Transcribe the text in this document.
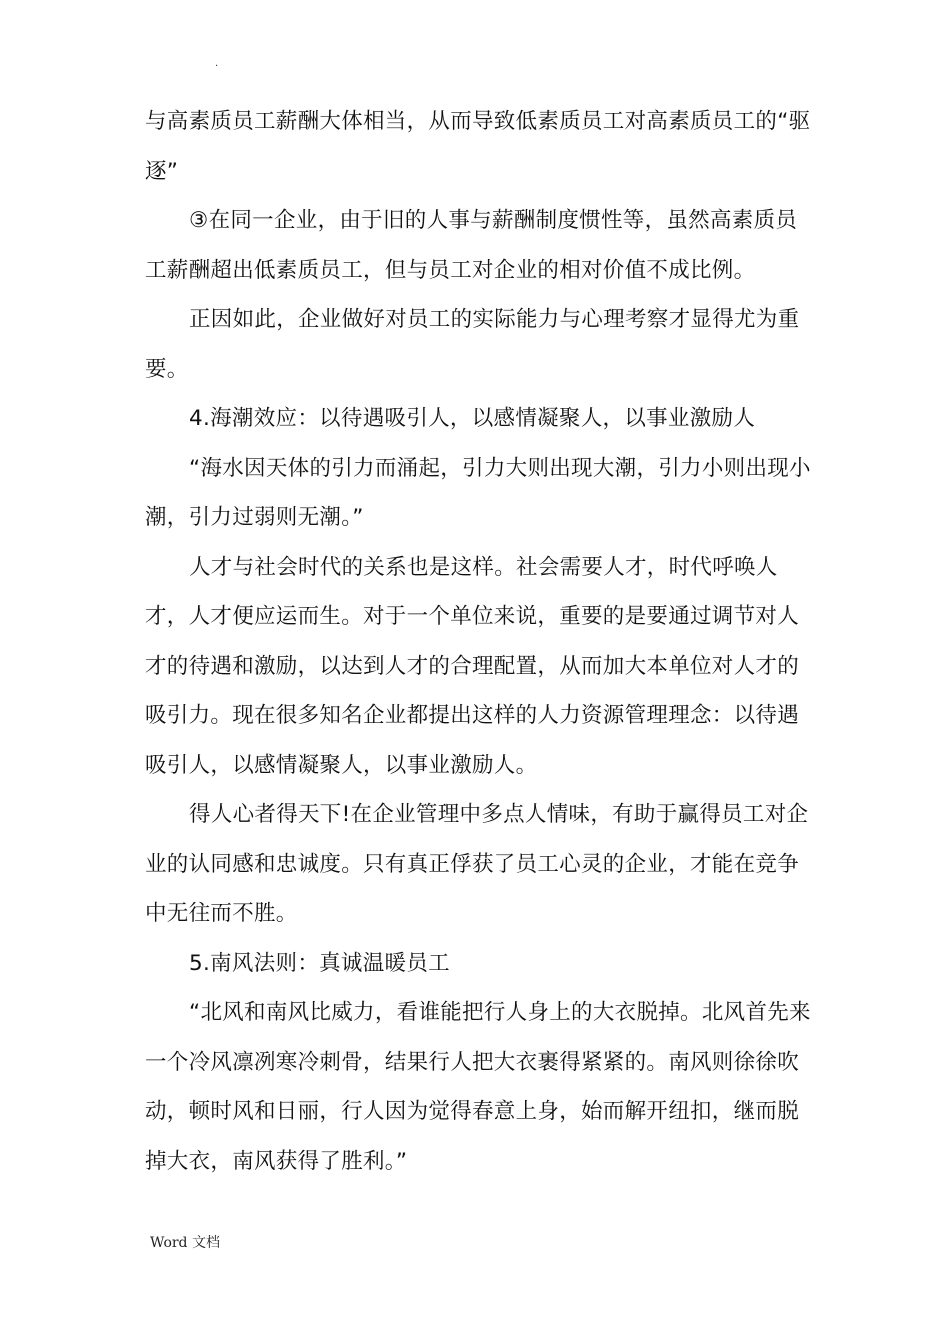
.

与高素质员工薪酬大体相当，从而导致低素质员工对高素质员工的“驱逐”

③在同一企业，由于旧的人事与薪酬制度惯性等，虽然高素质员工薪酬超出低素质员工，但与员工对企业的相对价值不成比例。

正因如此，企业做好对员工的实际能力与心理考察才显得尤为重要。

4.海潮效应：以待遇吸引人，以感情凝聚人，以事业激励人

“海水因天体的引力而涌起，引力大则出现大潮，引力小则出现小潮，引力过弱则无潮。”

人才与社会时代的关系也是这样。社会需要人才，时代呼唤人才，人才便应运而生。对于一个单位来说，重要的是要通过调节对人才的待遇和激励，以达到人才的合理配置，从而加大本单位对人才的吸引力。现在很多知名企业都提出这样的人力资源管理理念：以待遇吸引人，以感情凝聚人，以事业激励人。

得人心者得天下!在企业管理中多点人情味，有助于赢得员工对企业的认同感和忠诚度。只有真正俘获了员工心灵的企业，才能在竞争中无往而不胜。

5.南风法则：真诚温暖员工

“北风和南风比威力，看谁能把行人身上的大衣脱掉。北风首先来一个冷风凛冽寒冷刺骨，结果行人把大衣裹得紧紧的。南风则徐徐吹动，顿时风和日丽，行人因为觉得春意上身，始而解开纽扣，继而脱掉大衣，南风获得了胜利。”

Word 文档
